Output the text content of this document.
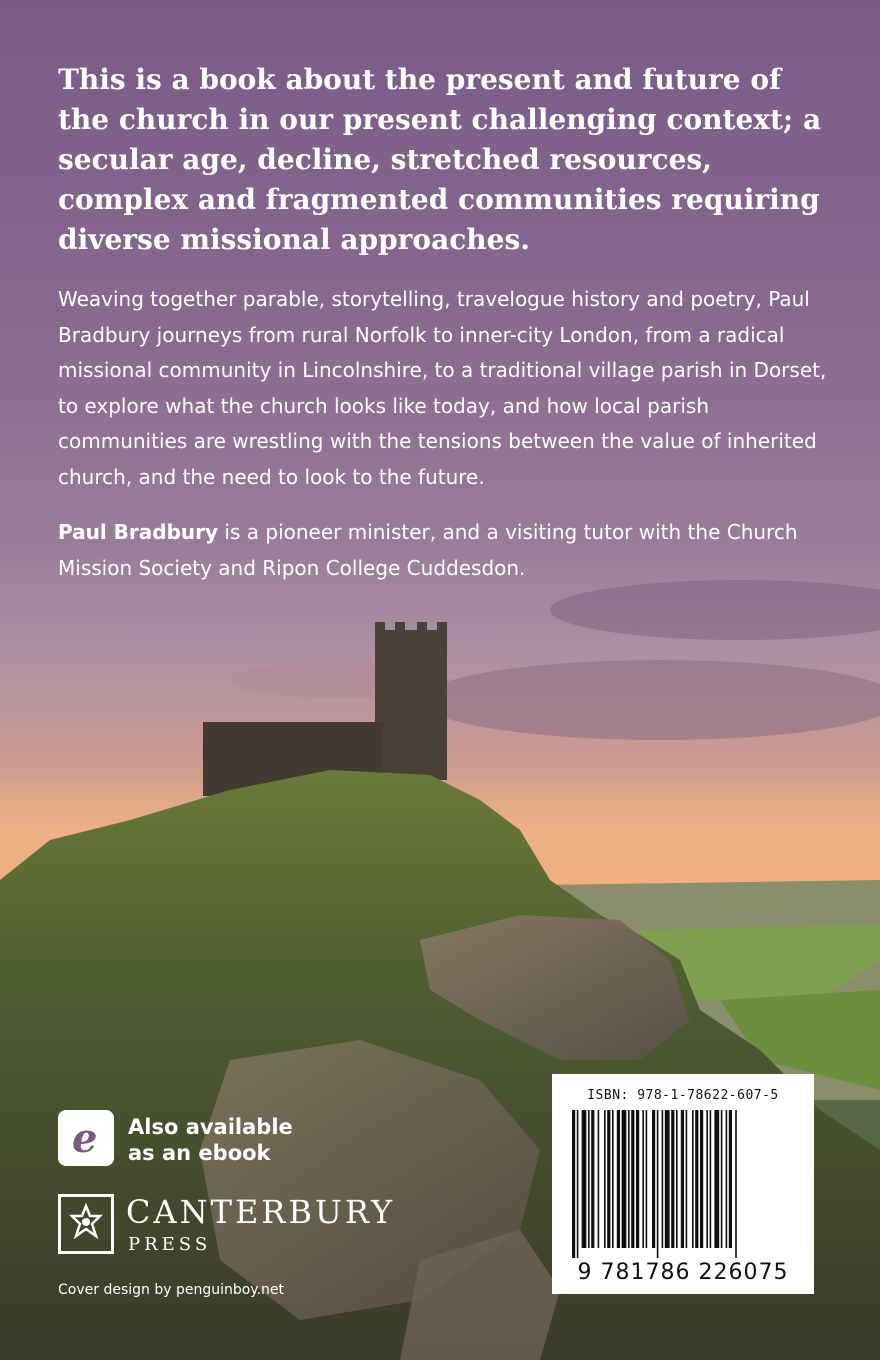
This is a book about the present and future of the church in our present challenging context; a secular age, decline, stretched resources, complex and fragmented communities requiring diverse missional approaches.

Weaving together parable, storytelling, travelogue history and poetry, Paul Bradbury journeys from rural Norfolk to inner-city London, from a radical missional community in Lincolnshire, to a traditional village parish in Dorset, to explore what the church looks like today, and how local parish communities are wrestling with the tensions between the value of inherited church, and the need to look to the future.

Paul Bradbury is a pioneer minister, and a visiting tutor with the Church Mission Society and Ripon College Cuddesdon.

e Also available
as an ebook
CANTERBURY
PRESS
Cover design by penguinboy.net
ISBN: 978-1-78622-607-5
9 781786 226075
